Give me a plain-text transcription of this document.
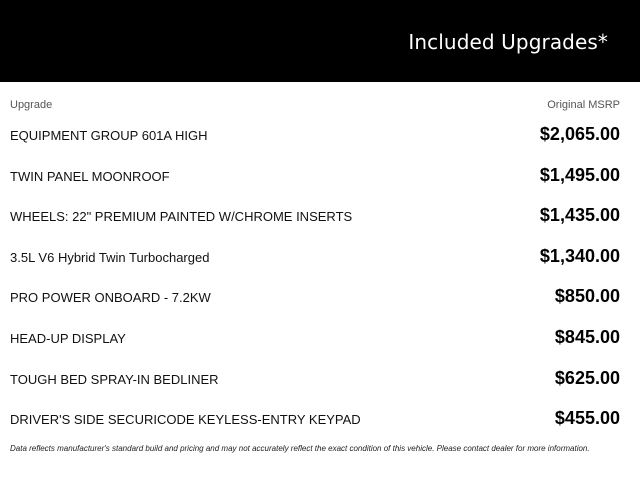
Included Upgrades*
Upgrade	Original MSRP
EQUIPMENT GROUP 601A HIGH	$2,065.00
TWIN PANEL MOONROOF	$1,495.00
WHEELS: 22" PREMIUM PAINTED W/CHROME INSERTS	$1,435.00
3.5L V6 Hybrid Twin Turbocharged	$1,340.00
PRO POWER ONBOARD - 7.2KW	$850.00
HEAD-UP DISPLAY	$845.00
TOUGH BED SPRAY-IN BEDLINER	$625.00
DRIVER'S SIDE SECURICODE KEYLESS-ENTRY KEYPAD	$455.00
Data reflects manufacturer's standard build and pricing and may not accurately reflect the exact condition of this vehicle. Please contact dealer for more information.
